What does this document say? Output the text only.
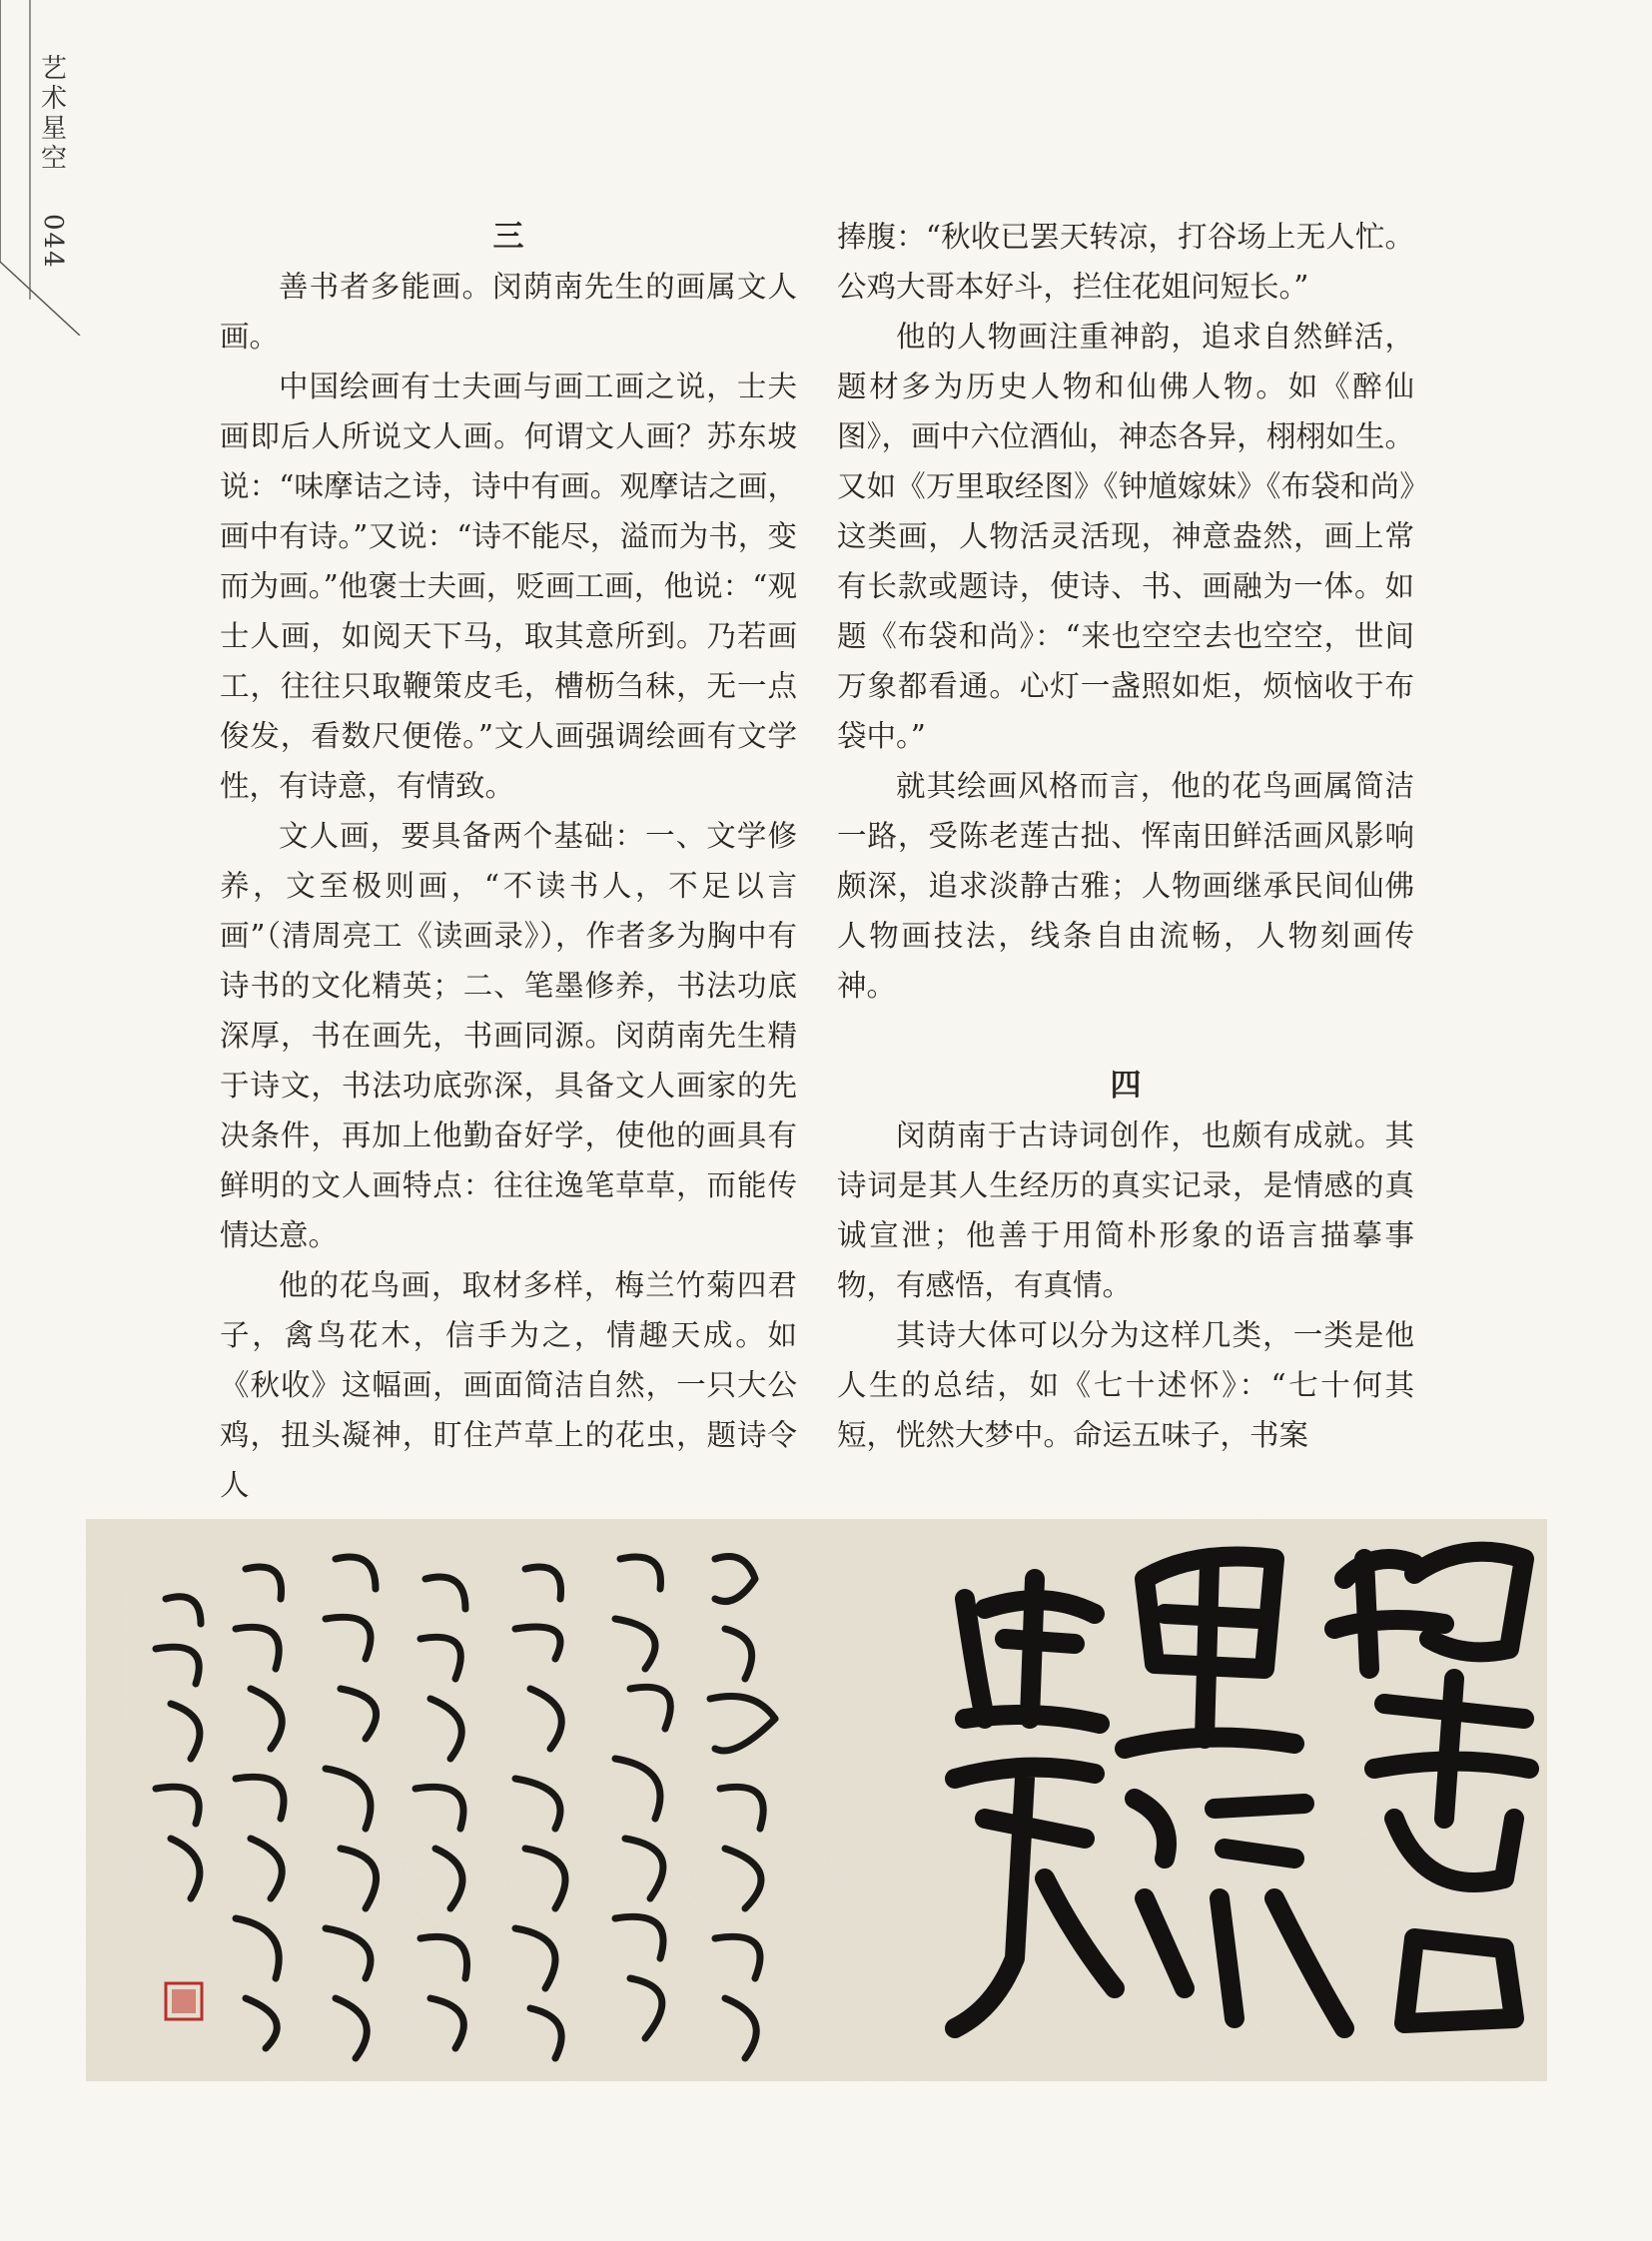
艺
术
星
空
044	三

善书者多能画。闵荫南先生的画属文人画。

中国绘画有士夫画与画工画之说，士夫画即后人所说文人画。何谓文人画？苏东坡说：“味摩诘之诗，诗中有画。观摩诘之画，画中有诗。”又说：“诗不能尽，溢而为书，变而为画。”他褒士夫画，贬画工画，他说：“观士人画，如阅天下马，取其意所到。乃若画工，往往只取鞭策皮毛，槽枥刍秣，无一点俊发，看数尺便倦。”文人画强调绘画有文学性，有诗意，有情致。

文人画，要具备两个基础：一、文学修养，文至极则画，“不读书人，不足以言画”（清周亮工《读画录》），作者多为胸中有诗书的文化精英；二、笔墨修养，书法功底深厚，书在画先，书画同源。闵荫南先生精于诗文，书法功底弥深，具备文人画家的先决条件，再加上他勤奋好学，使他的画具有鲜明的文人画特点：往往逸笔草草，而能传情达意。

他的花鸟画，取材多样，梅兰竹菊四君子，禽鸟花木，信手为之，情趣天成。如《秋收》这幅画，画面简洁自然，一只大公鸡，扭头凝神，盯住芦草上的花虫，题诗令人

捧腹：“秋收已罢天转凉，打谷场上无人忙。公鸡大哥本好斗，拦住花姐问短长。”

他的人物画注重神韵，追求自然鲜活，题材多为历史人物和仙佛人物。如《醉仙图》，画中六位酒仙，神态各异，栩栩如生。又如《万里取经图》《钟馗嫁妹》《布袋和尚》这类画，人物活灵活现，神意盎然，画上常有长款或题诗，使诗、书、画融为一体。如题《布袋和尚》：“来也空空去也空空，世间万象都看通。心灯一盏照如炬，烦恼收于布袋中。”

就其绘画风格而言，他的花鸟画属简洁一路，受陈老莲古拙、恽南田鲜活画风影响颇深，追求淡静古雅；人物画继承民间仙佛人物画技法，线条自由流畅，人物刻画传神。

四

闵荫南于古诗词创作，也颇有成就。其诗词是其人生经历的真实记录，是情感的真诚宣泄；他善于用简朴形象的语言描摹事物，有感悟，有真情。

其诗大体可以分为这样几类，一类是他人生的总结，如《七十述怀》：“七十何其短，恍然大梦中。命运五味子，书案
